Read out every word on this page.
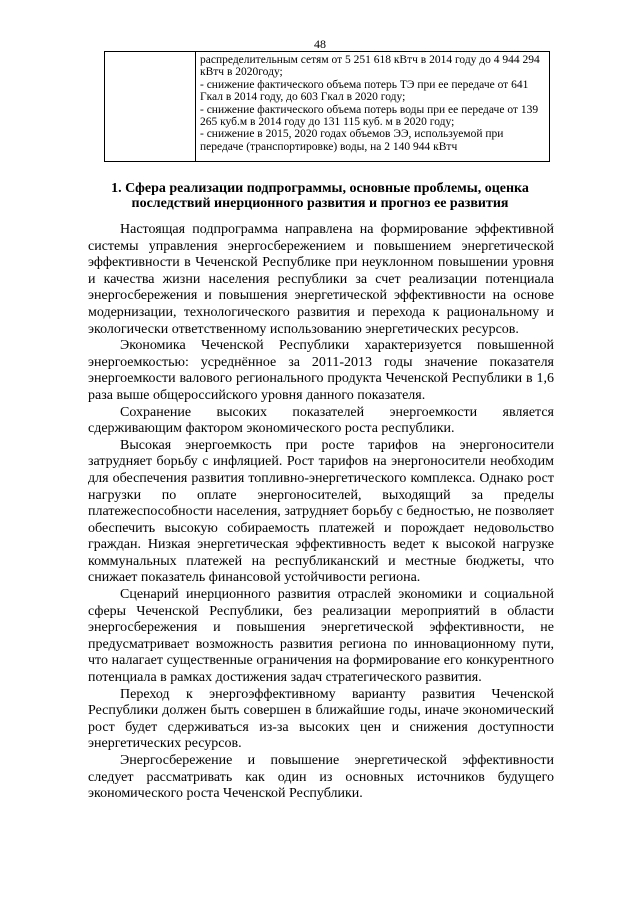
48
распределительным сетям от 5 251 618 кВтч в 2014 году до 4 944 294 кВтч в 2020году;
- снижение фактического объема потерь ТЭ при ее передаче от 641 Гкал в 2014 году, до 603 Гкал в 2020 году;
- снижение фактического объема потерь воды при ее передаче от 139 265 куб.м в 2014 году до 131 115 куб. м в 2020 году;
- снижение в 2015, 2020 годах объемов ЭЭ, используемой при передаче (транспортировке) воды, на 2 140 944 кВтч
1. Сфера реализации подпрограммы, основные проблемы, оценка последствий инерционного развития и прогноз ее развития

Настоящая подпрограмма направлена на формирование эффективной системы управления энергосбережением и повышением энергетической эффективности в Чеченской Республике при неуклонном повышении уровня и качества жизни населения республики за счет реализации потенциала энергосбережения и повышения энергетической эффективности на основе модернизации, технологического развития и перехода к рациональному и экологически ответственному использованию энергетических ресурсов.

Экономика Чеченской Республики характеризуется повышенной энергоемкостью: усреднённое за 2011-2013 годы значение показателя энергоемкости валового регионального продукта Чеченской Республики в 1,6 раза выше общероссийского уровня данного показателя.

Сохранение высоких показателей энергоемкости является сдерживающим фактором экономического роста республики.

Высокая энергоемкость при росте тарифов на энергоносители затрудняет борьбу с инфляцией. Рост тарифов на энергоносители необходим для обеспечения развития топливно-энергетического комплекса. Однако рост нагрузки по оплате энергоносителей, выходящий за пределы платежеспособности населения, затрудняет борьбу с бедностью, не позволяет обеспечить высокую собираемость платежей и порождает недовольство граждан. Низкая энергетическая эффективность ведет к высокой нагрузке коммунальных платежей на республиканский и местные бюджеты, что снижает показатель финансовой устойчивости региона.

Сценарий инерционного развития отраслей экономики и социальной сферы Чеченской Республики, без реализации мероприятий в области энергосбережения и повышения энергетической эффективности, не предусматривает возможность развития региона по инновационному пути, что налагает существенные ограничения на формирование его конкурентного потенциала в рамках достижения задач стратегического развития.

Переход к энергоэффективному варианту развития Чеченской Республики должен быть совершен в ближайшие годы, иначе экономический рост будет сдерживаться из-за высоких цен и снижения доступности энергетических ресурсов.

Энергосбережение и повышение энергетической эффективности следует рассматривать как один из основных источников будущего экономического роста Чеченской Республики.
